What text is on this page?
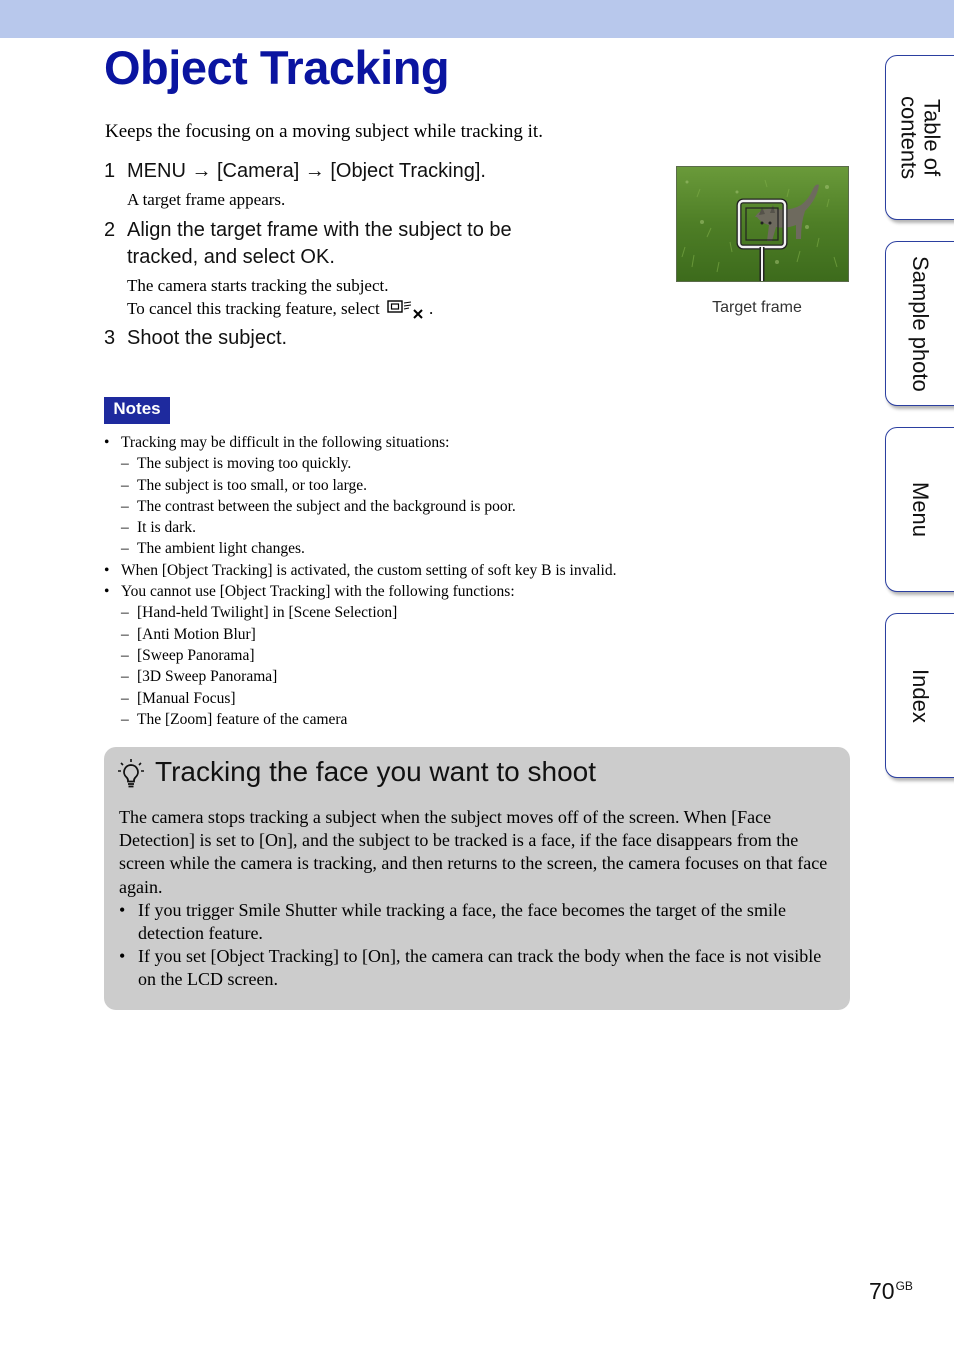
Object Tracking
Keeps the focusing on a moving subject while tracking it.
1 MENU → [Camera] → [Object Tracking].
A target frame appears.
2 Align the target frame with the subject to be tracked, and select OK.
The camera starts tracking the subject.
To cancel this tracking feature, select	.
3 Shoot the subject.
Target frame
Notes
• Tracking may be difficult in the following situations:
– The subject is moving too quickly.
– The subject is too small, or too large.
– The contrast between the subject and the background is poor.
– It is dark.
– The ambient light changes.
• When [Object Tracking] is activated, the custom setting of soft key B is invalid.
• You cannot use [Object Tracking] with the following functions:
– [Hand-held Twilight] in [Scene Selection]
– [Anti Motion Blur]
– [Sweep Panorama]
– [3D Sweep Panorama]
– [Manual Focus]
– The [Zoom] feature of the camera
Tracking the face you want to shoot
The camera stops tracking a subject when the subject moves off of the screen. When [Face Detection] is set to [On], and the subject to be tracked is a face, if the face disappears from the screen while the camera is tracking, and then returns to the screen, the camera focuses on that face again.
• If you trigger Smile Shutter while tracking a face, the face becomes the target of the smile detection feature.
• If you set [Object Tracking] to [On], the camera can track the body when the face is not visible on the LCD screen.
Table of contents
Sample photo
Menu
Index
$70^{GB}$
